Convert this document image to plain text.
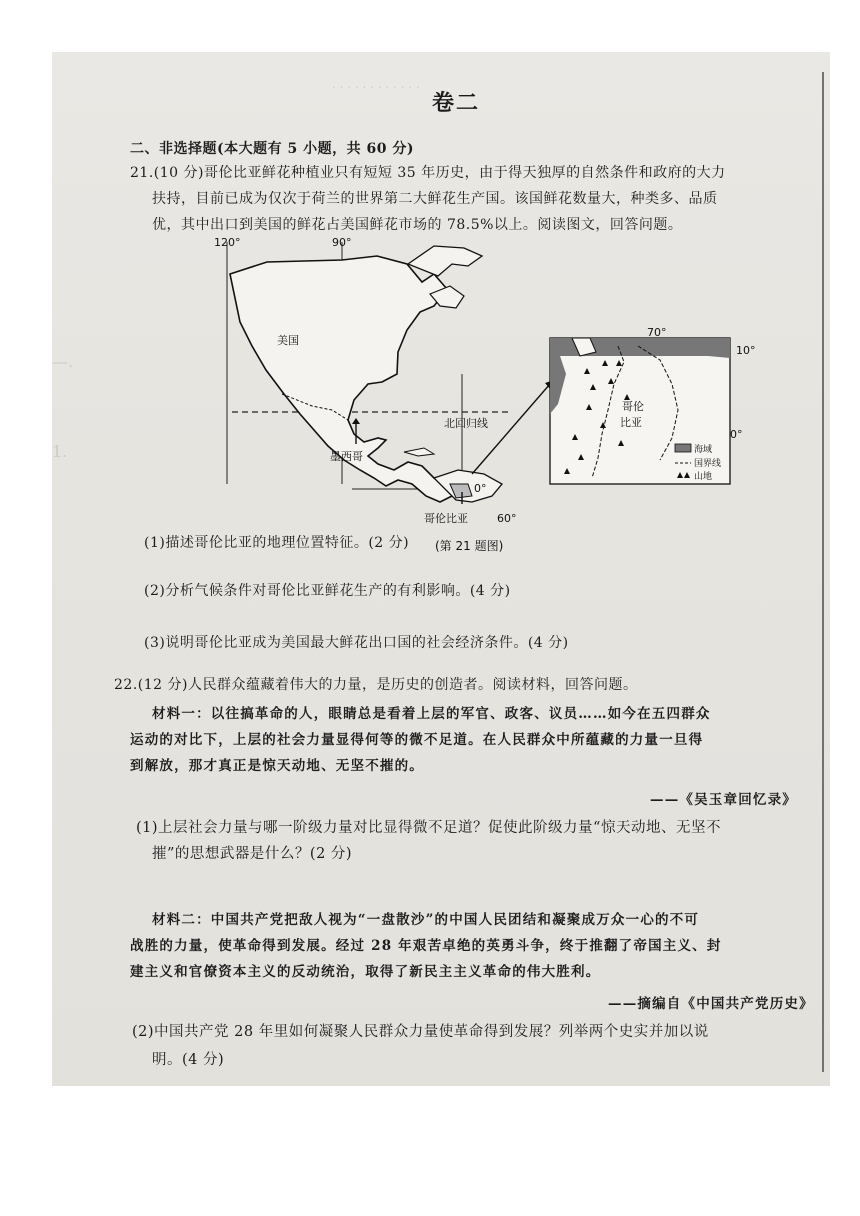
. . . . . . . . . . . .
—.
1.
卷二
二、非选择题(本大题有 5 小题，共 60 分)
21.(10 分)哥伦比亚鲜花种植业只有短短 35 年历史，由于得天独厚的自然条件和政府的大力
扶持，目前已成为仅次于荷兰的世界第二大鲜花生产国。该国鲜花数量大，种类多、品质
优，其中出口到美国的鲜花占美国鲜花市场的 78.5%以上。阅读图文，回答问题。
120°	90°
美国
北回归线
墨西哥
哥伦比亚
0°
60°
70°
10°
0°
哥伦
比亚
海域
国界线
山地
(第 21 题图)
(1)描述哥伦比亚的地理位置特征。(2 分)
(2)分析气候条件对哥伦比亚鲜花生产的有利影响。(4 分)
(3)说明哥伦比亚成为美国最大鲜花出口国的社会经济条件。(4 分)
22.(12 分)人民群众蕴藏着伟大的力量，是历史的创造者。阅读材料，回答问题。
材料一：以往搞革命的人，眼睛总是看着上层的军官、政客、议员……如今在五四群众
运动的对比下，上层的社会力量显得何等的微不足道。在人民群众中所蕴藏的力量一旦得
到解放，那才真正是惊天动地、无坚不摧的。
——《吴玉章回忆录》
(1)上层社会力量与哪一阶级力量对比显得微不足道？促使此阶级力量“惊天动地、无坚不
摧”的思想武器是什么？(2 分)
材料二：中国共产党把敌人视为“一盘散沙”的中国人民团结和凝聚成万众一心的不可
战胜的力量，使革命得到发展。经过 28 年艰苦卓绝的英勇斗争，终于推翻了帝国主义、封
建主义和官僚资本主义的反动统治，取得了新民主主义革命的伟大胜利。
——摘编自《中国共产党历史》
(2)中国共产党 28 年里如何凝聚人民群众力量使革命得到发展？列举两个史实并加以说
明。(4 分)
